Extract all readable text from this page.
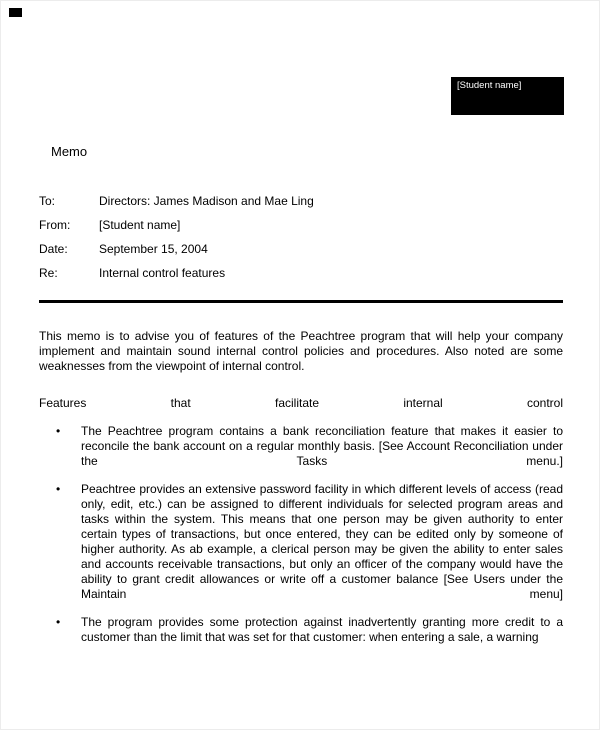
[Student name]
Memo
To:	Directors: James Madison and Mae Ling
From:	[Student name]
Date:	September 15, 2004
Re:	Internal control features

This memo is to advise you of features of the Peachtree program that will help your company implement and maintain sound internal control policies and procedures. Also noted are some weaknesses from the viewpoint of internal control.

Features that facilitate internal control
•	The Peachtree program contains a bank reconciliation feature that makes it easier to reconcile the bank account on a regular monthly basis. [See Account Reconciliation under the Tasks menu.]
•	Peachtree provides an extensive password facility in which different levels of access (read only, edit, etc.) can be assigned to different individuals for selected program areas and tasks within the system. This means that one person may be given authority to enter certain types of transactions, but once entered, they can be edited only by someone of higher authority. As ab example, a clerical person may be given the ability to enter sales and accounts receivable transactions, but only an officer of the company would have the ability to grant credit allowances or write off a customer balance [See Users under the Maintain menu]
•	The program provides some protection against inadvertently granting more credit to a customer than the limit that was set for that customer: when entering a sale, a warning
